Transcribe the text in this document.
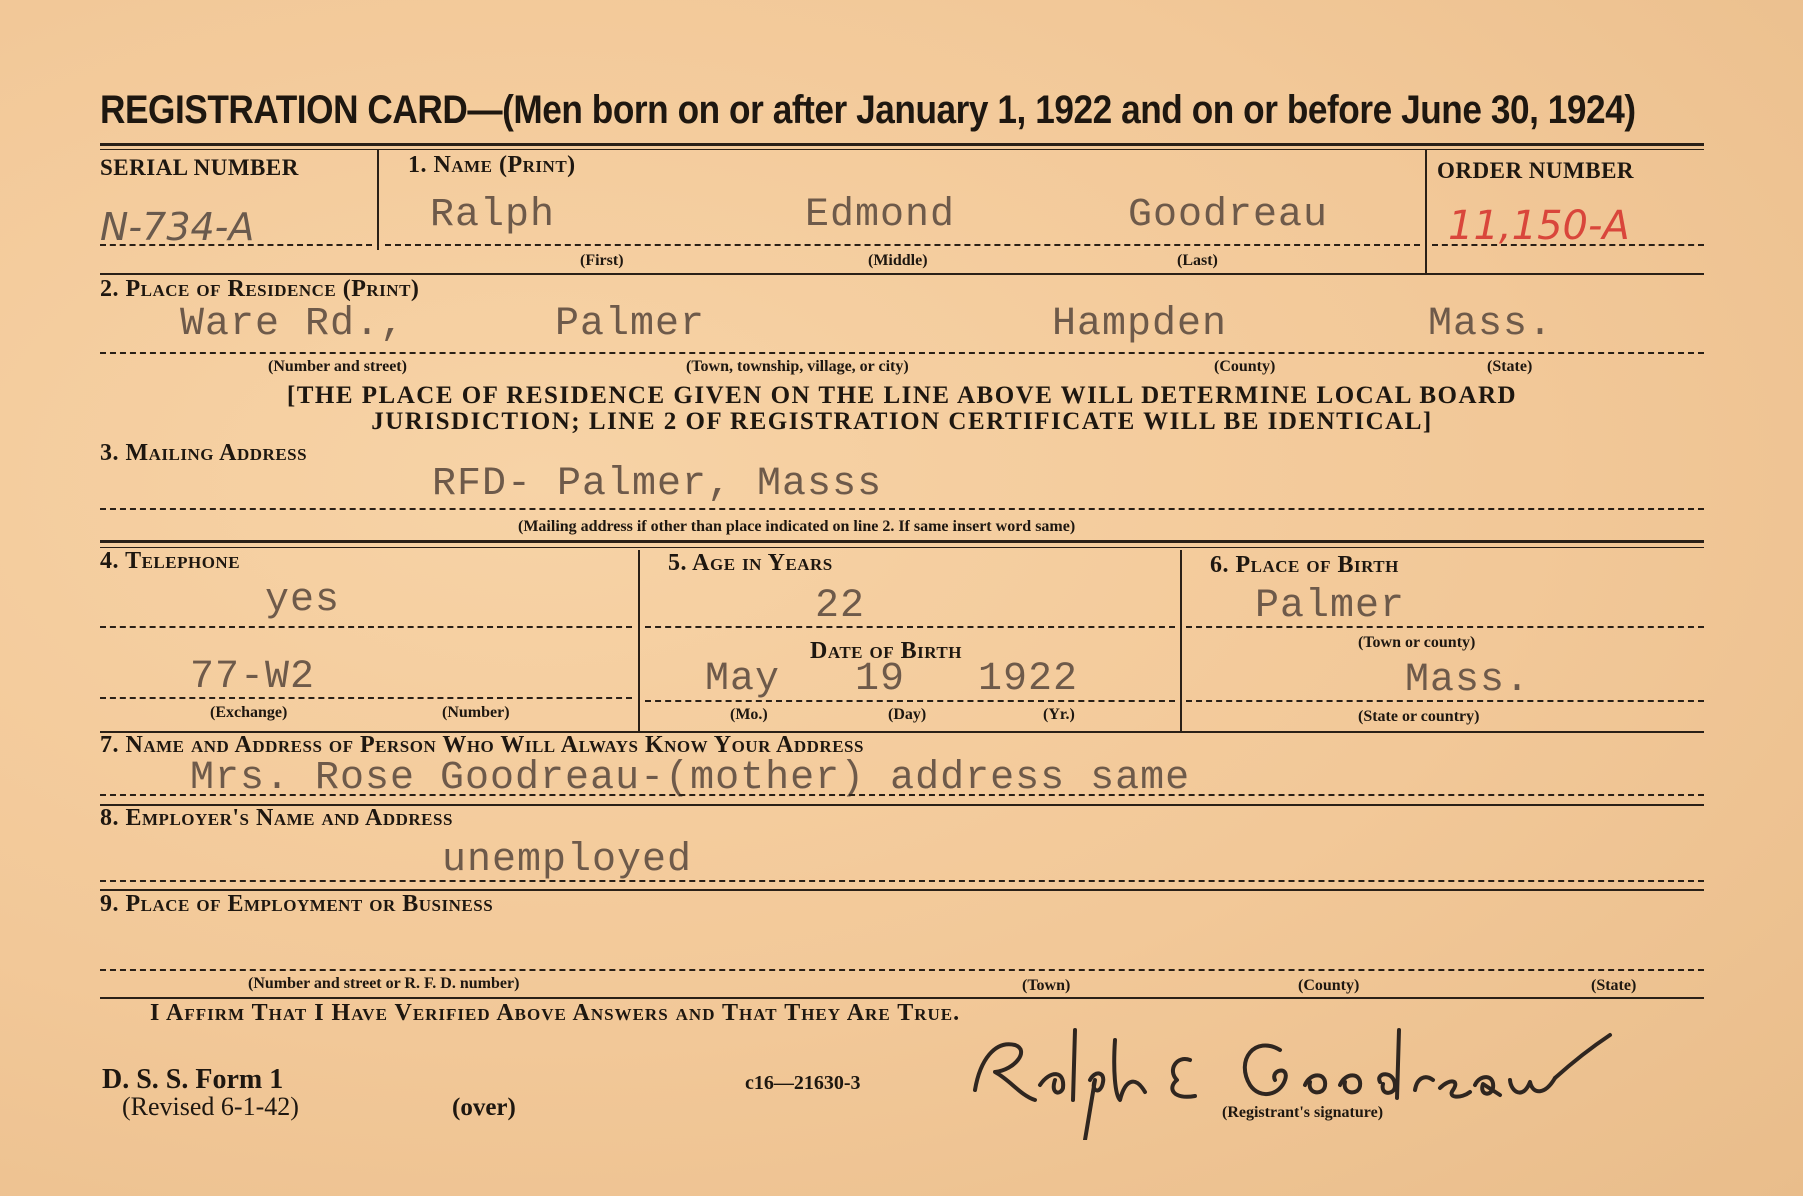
REGISTRATION CARD—(Men born on or after January 1, 1922 and on or before June 30, 1924)
SERIAL NUMBER
N-734-A
1. Name (Print)
Ralph	Edmond	Goodreau
(First)	(Middle)	(Last)
ORDER NUMBER
11,150-A
2. Place of Residence (Print)
Ware Rd.,	Palmer	Hampden	Mass.
(Number and street)	(Town, township, village, or city)	(County)	(State)
[THE PLACE OF RESIDENCE GIVEN ON THE LINE ABOVE WILL DETERMINE LOCAL BOARD
JURISDICTION; LINE 2 OF REGISTRATION CERTIFICATE WILL BE IDENTICAL]
3. Mailing Address
RFD- Palmer, Masss
(Mailing address if other than place indicated on line 2. If same insert word same)
4. Telephone
yes
77-W2
(Exchange)	(Number)
5. Age in Years
22
Date of Birth
May 19 1922
(Mo.)	(Day)	(Yr.)
6. Place of Birth
Palmer
(Town or county)
Mass.
(State or country)
7. Name and Address of Person Who Will Always Know Your Address
Mrs. Rose Goodreau-(mother) address same
8. Employer's Name and Address
unemployed
9. Place of Employment or Business
(Number and street or R. F. D. number)	(Town)	(County)	(State)
I Affirm That I Have Verified Above Answers and That They Are True.
D. S. S. Form 1
(Revised 6-1-42)	(over)
c16—21630-3
(Registrant's signature)
